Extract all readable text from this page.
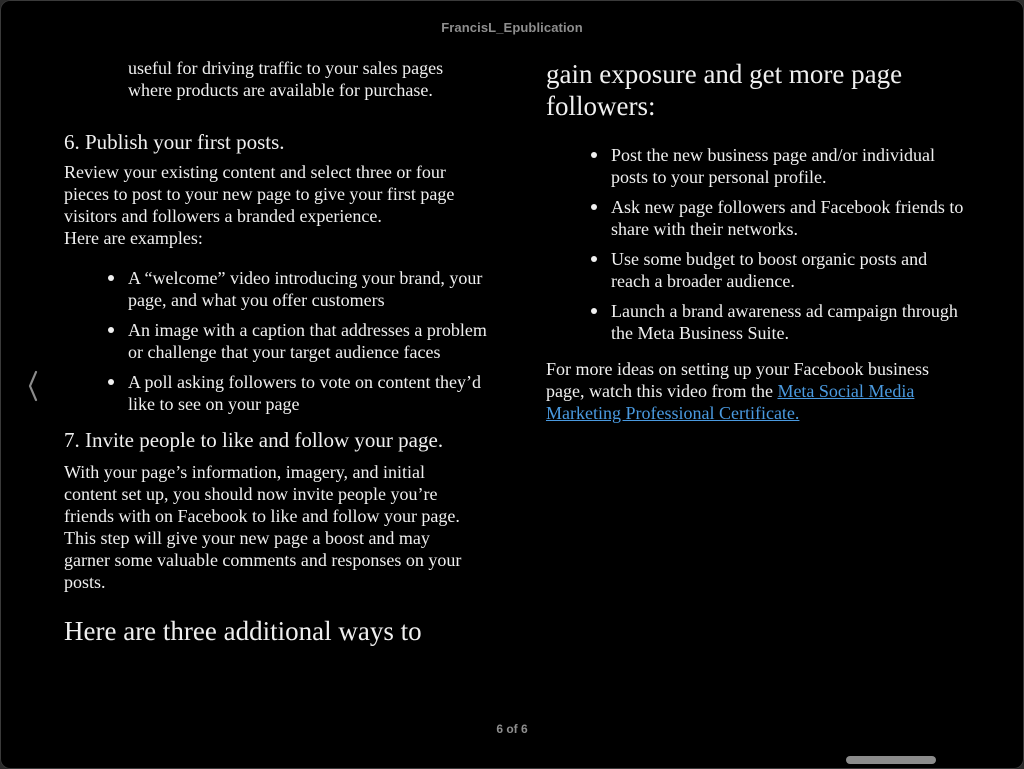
FrancisL_Epublication

useful for driving traffic to your sales pages where products are available for purchase.

6. Publish your first posts.

Review your existing content and select three or four pieces to post to your new page to give your first page visitors and followers a branded experience.

Here are examples:

A “welcome” video introducing your brand, your page, and what you offer customers
An image with a caption that addresses a problem or challenge that your target audience faces
A poll asking followers to vote on content they’d like to see on your page
7. Invite people to like and follow your page.

With your page’s information, imagery, and initial content set up, you should now invite people you’re friends with on Facebook to like and follow your page. This step will give your new page a boost and may garner some valuable comments and responses on your posts.

Here are three additional ways to
gain exposure and get more page followers:
Post the new business page and/or individual posts to your personal profile.
Ask new page followers and Facebook friends to share with their networks.
Use some budget to boost organic posts and reach a broader audience.
Launch a brand awareness ad campaign through the Meta Business Suite.

For more ideas on setting up your Facebook business page, watch this video from the Meta Social Media Marketing Professional Certificate.

6 of 6
